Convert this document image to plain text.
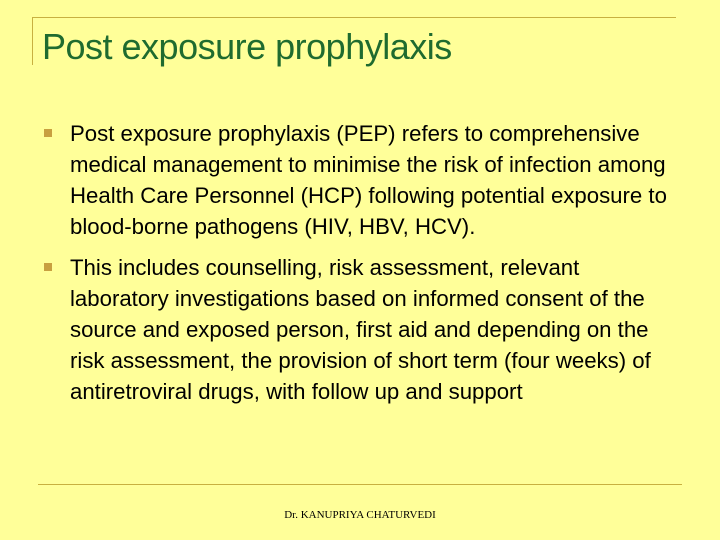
Post exposure prophylaxis
Post exposure prophylaxis (PEP) refers to comprehensive medical management to minimise the risk of infection among Health Care Personnel (HCP) following potential exposure to blood-borne pathogens (HIV, HBV, HCV).
This includes counselling, risk assessment, relevant laboratory investigations based on informed consent of the source and exposed person, first aid and depending on the risk assessment, the provision of short term (four weeks) of antiretroviral drugs, with follow up and support
Dr. KANUPRIYA CHATURVEDI
